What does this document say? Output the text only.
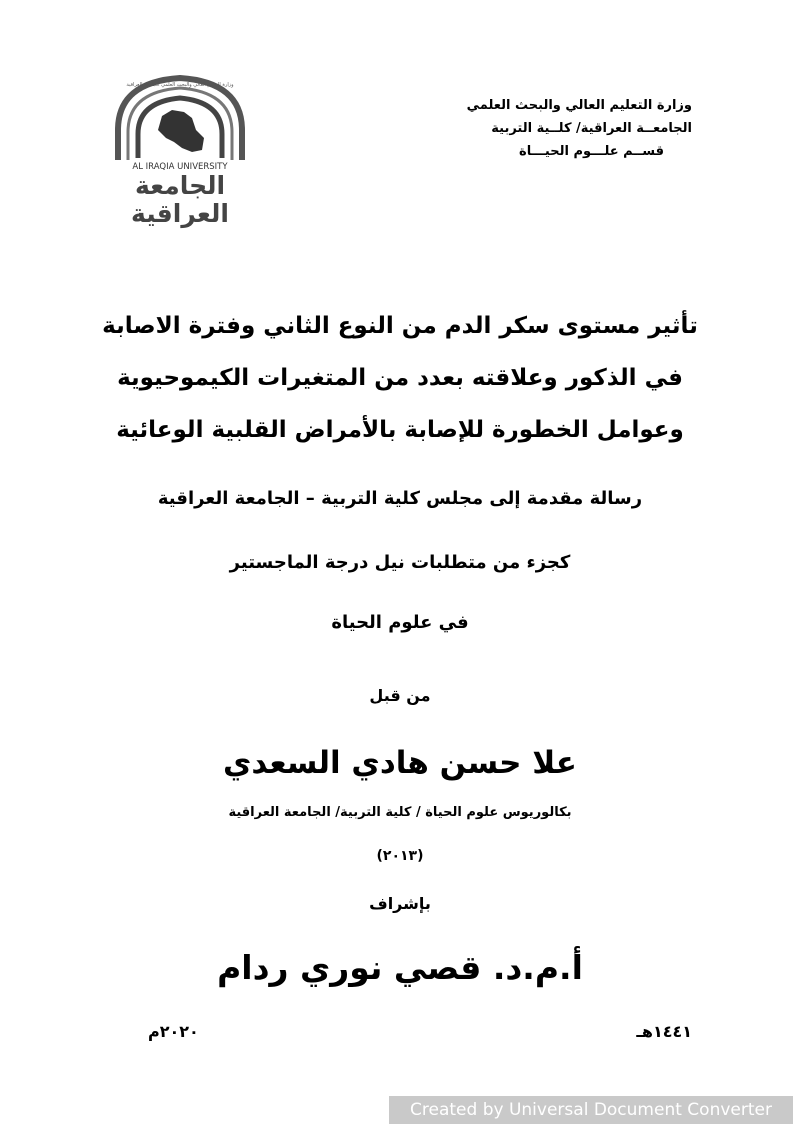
وزارة التعليم العالي والبحث العلمي
الجامعــة العراقية/ كلــية التربية
قســم علـــوم الحيـــاة
وزارة التعليم العالي والبحث العلمي الجامعة العراقية
AL IRAQIA UNIVERSITY
الجامعة
العراقية
تأثير مستوى سكر الدم من النوع الثاني وفترة الاصابة
في الذكور وعلاقته بعدد من المتغيرات الكيموحيوية
وعوامل الخطورة للإصابة بالأمراض القلبية الوعائية
رسالة مقدمة إلى مجلس كلية التربية – الجامعة العراقية
كجزء من متطلبات نيل درجة الماجستير
في علوم الحياة
من قبل
علا حسن هادي السعدي
بكالوريوس علوم الحياة / كلية التربية/ الجامعة العراقية
(٢٠١٣)
بإشراف
أ.م.د. قصي نوري ردام
١٤٤١هـ
٢٠٢٠م
Created by Universal Document Converter
